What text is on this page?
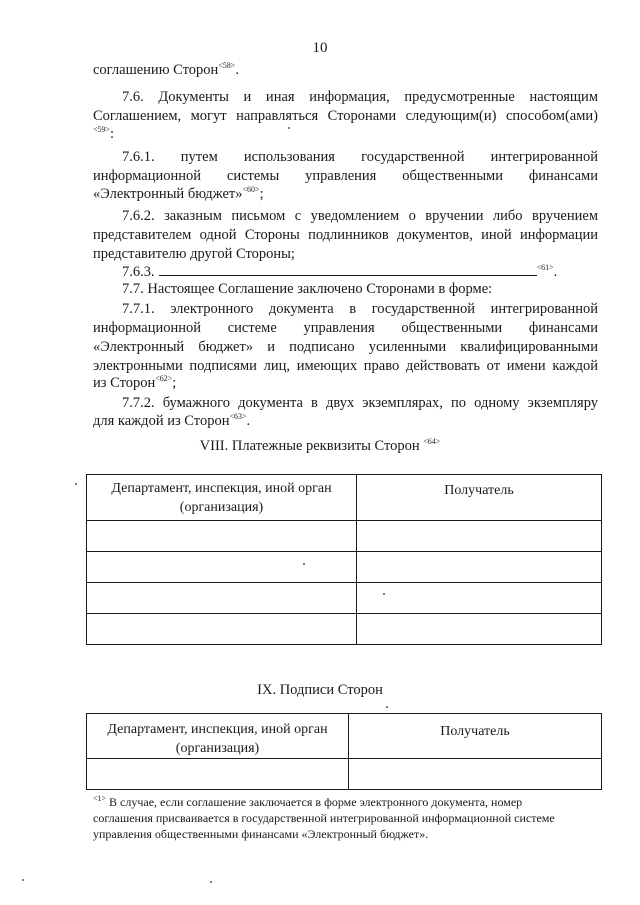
10
соглашению Сторон$^{<58>}$.
7.6. Документы и иная информация, предусмотренные настоящим
Соглашением, могут направляться Сторонами следующим(и) способом(ами)
$^{<59>}$:
7.6.1. путем использования государственной интегрированной
информационной системы управления общественными финансами
«Электронный бюджет»$^{<60>}$;
7.6.2. заказным письмом с уведомлением о вручении либо вручением
представителем одной Стороны подлинников документов, иной информации
представителю другой Стороны;
7.6.3.	$^{<61>}$.
7.7. Настоящее Соглашение заключено Сторонами в форме:
7.7.1. электронного документа в государственной интегрированной
информационной системе управления общественными финансами
«Электронный бюджет» и подписано усиленными квалифицированными
электронными подписями лиц, имеющих право действовать от имени каждой
из Сторон$^{<62>}$;
7.7.2. бумажного документа в двух экземплярах, по одному экземпляру
для каждой из Сторон$^{<63>}$.
VIII. Платежные реквизиты Сторон $^{<64>}$
Департамент, инспекция, иной орган (организация)	Получатель

IX. Подписи Сторон
Департамент, инспекция, иной орган (организация)	Получатель

$^{<1>}$ В случае, если соглашение заключается в форме электронного документа, номер
соглашения присваивается в государственной интегрированной информационной системе
управления общественными финансами «Электронный бюджет».
